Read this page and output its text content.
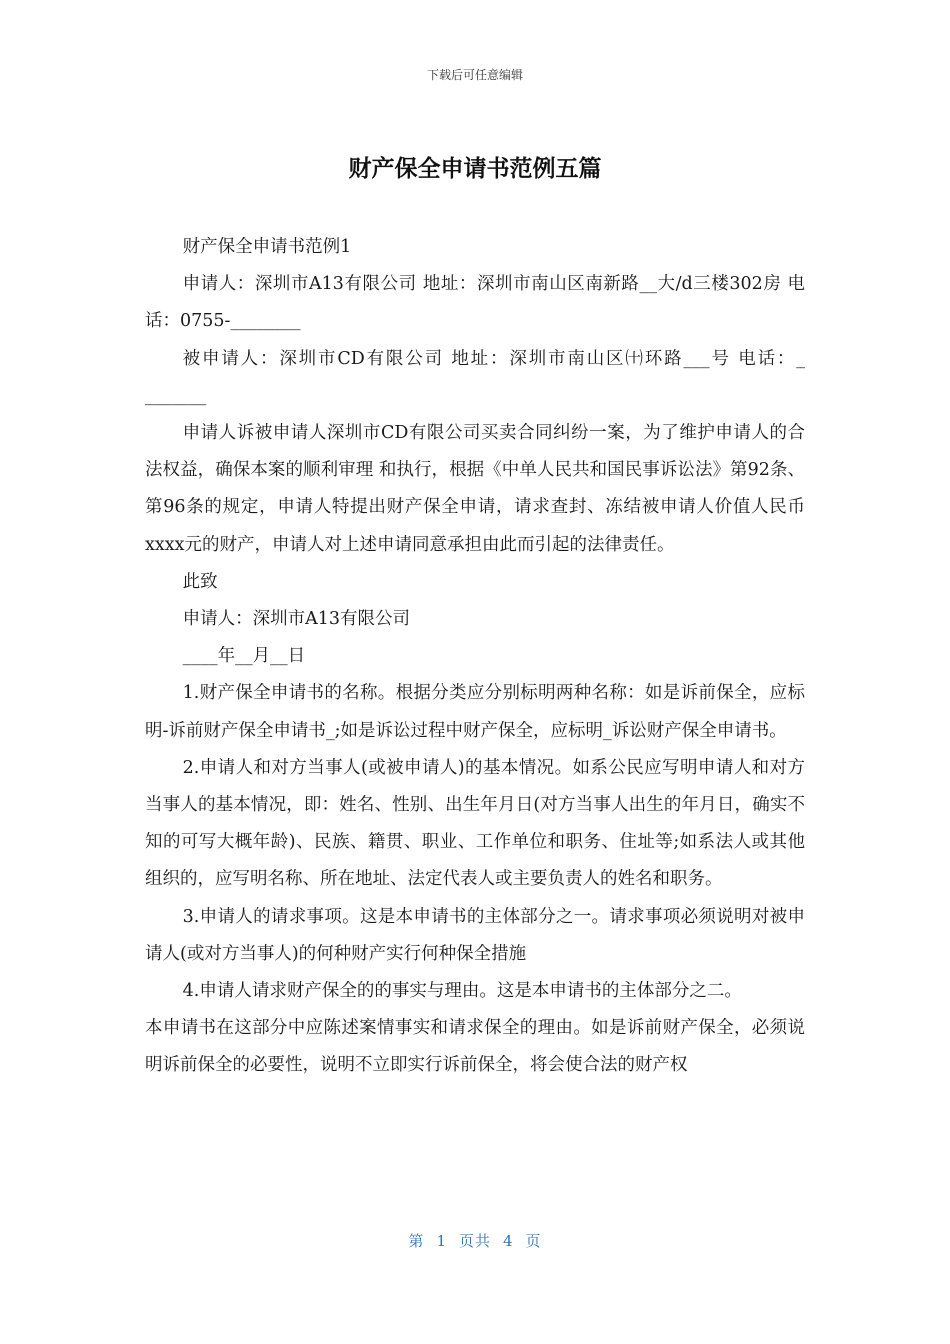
下载后可任意编辑
财产保全申请书范例五篇

财产保全申请书范例1

申请人：深圳市A13有限公司 地址：深圳市南山区南新路__大/d三楼302房 电话：0755-________

被申请人：深圳市CD有限公司 地址：深圳市南山区㈩环路___号 电话：_ _______

申请人诉被申请人深圳市CD有限公司买卖合同纠纷一案，为了维护申请人的合法权益，确保本案的顺利审理 和执行，根据《中单人民共和国民事诉讼法》第92条、第96条的规定，申请人特提出财产保全申请，请求查封、冻结被申请人价值人民币xxxx元的财产，申请人对上述申请同意承担由此而引起的法律责任。

此致

申请人：深圳市A13有限公司

____年__月__日

1.财产保全申请书的名称。根据分类应分别标明两种名称：如是诉前保全，应标明-诉前财产保全申请书_;如是诉讼过程中财产保全，应标明_诉讼财产保全申请书。

2.申请人和对方当事人(或被申请人)的基本情况。如系公民应写明申请人和对方当事人的基本情况，即：姓名、性别、出生年月日(对方当事人出生的年月日，确实不知的可写大概年龄)、民族、籍贯、职业、工作单位和职务、住址等;如系法人或其他组织的，应写明名称、所在地址、法定代表人或主要负责人的姓名和职务。

3.申请人的请求事项。这是本申请书的主体部分之一。请求事项必须说明对被申请人(或对方当事人)的何种财产实行何种保全措施

4.申请人请求财产保全的的事实与理由。这是本申请书的主体部分之二。

本申请书在这部分中应陈述案情事实和请求保全的理由。如是诉前财产保全，必须说明诉前保全的必要性，说明不立即实行诉前保全，将会使合法的财产权

第 1 页共 4 页
